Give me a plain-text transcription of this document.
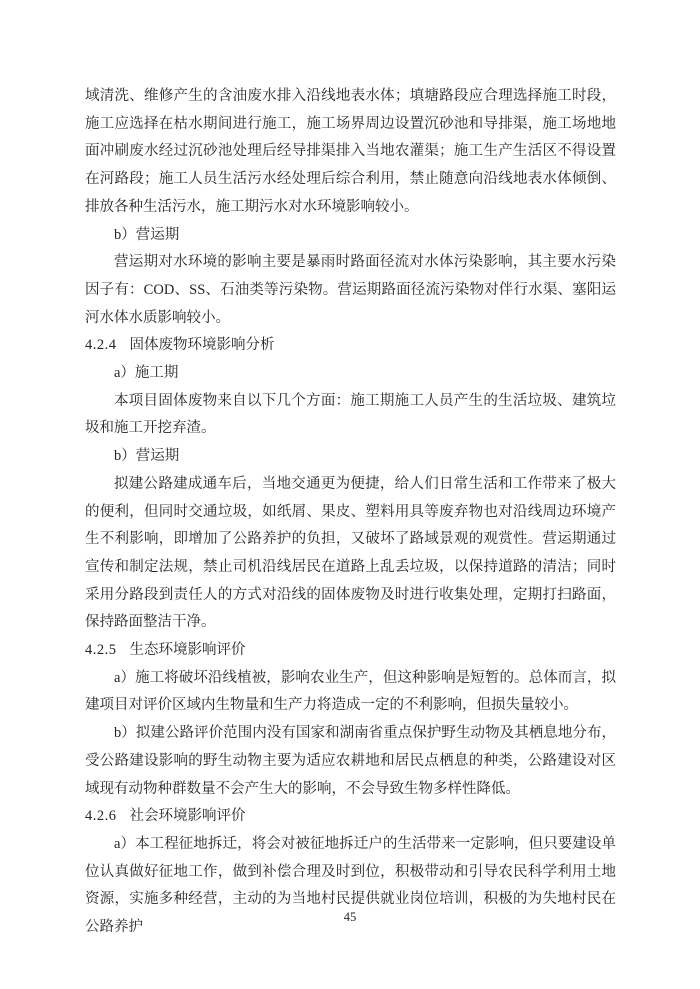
域清洗、维修产生的含油废水排入沿线地表水体；填塘路段应合理选择施工时段，施工应选择在枯水期间进行施工，施工场界周边设置沉砂池和导排渠，施工场地地面冲刷废水经过沉砂池处理后经导排渠排入当地农灌渠；施工生产生活区不得设置在河路段；施工人员生活污水经处理后综合利用，禁止随意向沿线地表水体倾倒、排放各种生活污水，施工期污水对水环境影响较小。

b）营运期

营运期对水环境的影响主要是暴雨时路面径流对水体污染影响，其主要水污染因子有：COD、SS、石油类等污染物。营运期路面径流污染物对伴行水渠、塞阳运河水体水质影响较小。

4.2.4 固体废物环境影响分析

a）施工期

本项目固体废物来自以下几个方面：施工期施工人员产生的生活垃圾、建筑垃圾和施工开挖弃渣。

b）营运期

拟建公路建成通车后，当地交通更为便捷，给人们日常生活和工作带来了极大的便利，但同时交通垃圾，如纸屑、果皮、塑料用具等废弃物也对沿线周边环境产生不利影响，即增加了公路养护的负担，又破坏了路域景观的观赏性。营运期通过宣传和制定法规，禁止司机沿线居民在道路上乱丢垃圾，以保持道路的清洁；同时采用分路段到责任人的方式对沿线的固体废物及时进行收集处理，定期打扫路面，保持路面整洁干净。

4.2.5 生态环境影响评价

a）施工将破坏沿线植被，影响农业生产，但这种影响是短暂的。总体而言，拟建项目对评价区域内生物量和生产力将造成一定的不利影响，但损失量较小。

b）拟建公路评价范围内没有国家和湖南省重点保护野生动物及其栖息地分布，受公路建设影响的野生动物主要为适应农耕地和居民点栖息的种类，公路建设对区域现有动物种群数量不会产生大的影响，不会导致生物多样性降低。

4.2.6 社会环境影响评价

a）本工程征地拆迁，将会对被征地拆迁户的生活带来一定影响，但只要建设单位认真做好征地工作，做到补偿合理及时到位，积极带动和引导农民科学利用土地资源，实施多种经营，主动的为当地村民提供就业岗位培训，积极的为失地村民在公路养护

45
